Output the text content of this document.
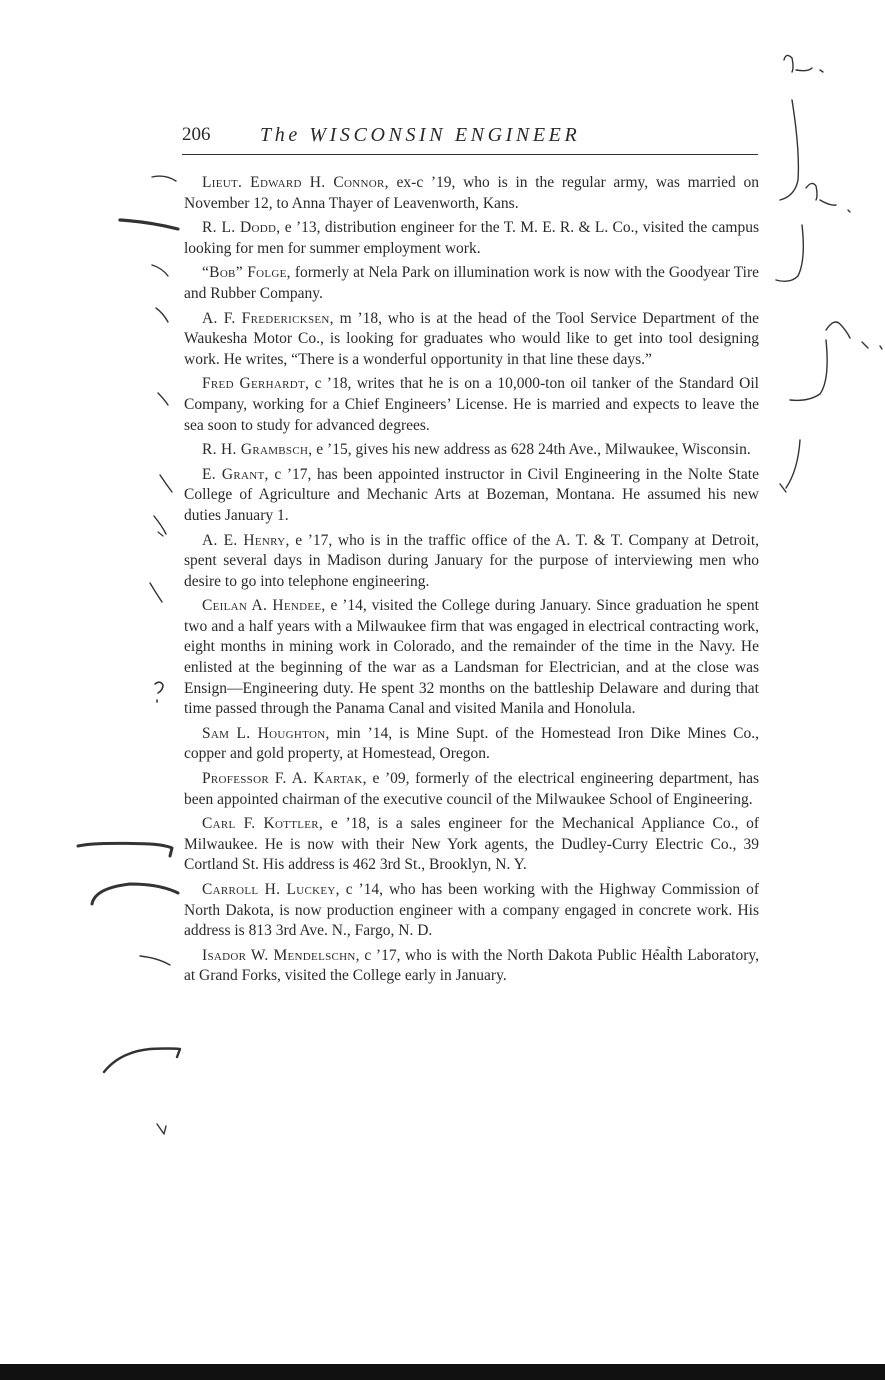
206 The WISCONSIN ENGINEER

Lieut. Edward H. Connor, ex-c ’19, who is in the regular army, was married on November 12, to Anna Thayer of Leavenworth, Kans.

R. L. Dodd, e ’13, distribution engineer for the T. M. E. R. & L. Co., visited the campus looking for men for summer employment work.

“Bob” Folge, formerly at Nela Park on illumination work is now with the Goodyear Tire and Rubber Company.

A. F. Fredericksen, m ’18, who is at the head of the Tool Service Department of the Waukesha Motor Co., is looking for graduates who would like to get into tool designing work. He writes, “There is a wonderful opportunity in that line these days.”

Fred Gerhardt, c ’18, writes that he is on a 10,000-ton oil tanker of the Standard Oil Company, working for a Chief Engineers’ License. He is married and expects to leave the sea soon to study for advanced degrees.

R. H. Grambsch, e ’15, gives his new address as 628 24th Ave., Milwaukee, Wisconsin.

E. Grant, c ’17, has been appointed instructor in Civil Engineering in the Nolte State College of Agriculture and Mechanic Arts at Bozeman, Montana. He assumed his new duties January 1.

A. E. Henry, e ’17, who is in the traffic office of the A. T. & T. Company at Detroit, spent several days in Madison during January for the purpose of interviewing men who desire to go into telephone engineering.

Ceilan A. Hendee, e ’14, visited the College during January. Since graduation he spent two and a half years with a Milwaukee firm that was engaged in electrical contracting work, eight months in mining work in Colorado, and the remainder of the time in the Navy. He enlisted at the beginning of the war as a Landsman for Electrician, and at the close was Ensign—Engineering duty. He spent 32 months on the battleship Delaware and during that time passed through the Panama Canal and visited Manila and Honolula.

Sam L. Houghton, min ’14, is Mine Supt. of the Homestead Iron Dike Mines Co., copper and gold property, at Homestead, Oregon.

Professor F. A. Kartak, e ’09, formerly of the electrical engineering department, has been appointed chairman of the executive council of the Milwaukee School of Engineering.

Carl F. Kottler, e ’18, is a sales engineer for the Mechanical Appliance Co., of Milwaukee. He is now with their New York agents, the Dudley-Curry Electric Co., 39 Cortland St. His address is 462 3rd St., Brooklyn, N. Y.

Carroll H. Luckey, c ’14, who has been working with the Highway Commission of North Dakota, is now production engineer with a company engaged in concrete work. His address is 813 3rd Ave. N., Fargo, N. D.

Isador W. Mendelschn, c ’17, who is with the North Dakota Public Health Laboratory, at Grand Forks, visited the College early in January.
